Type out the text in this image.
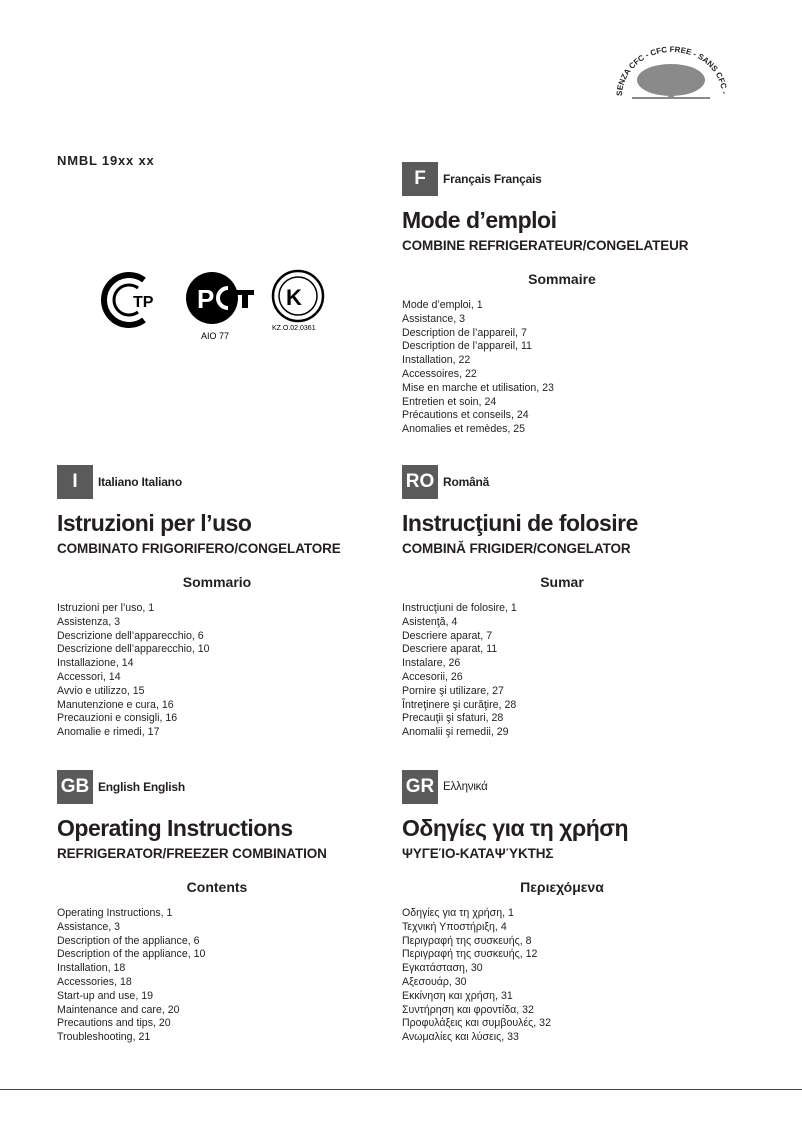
SENZA CFC - CFC FREE - SANS CFC -
NMBL 19xx xx
TP P	K
AIO 77
KZ.O.02.0361
F	Français Français
Mode d’emploi
COMBINE REFRIGERATEUR/CONGELATEUR
Sommaire
Mode d’emploi, 1
Assistance, 3
Description de l’appareil, 7
Description de l’appareil, 11
Installation, 22
Accessoires, 22
Mise en marche et utilisation, 23
Entretien et soin, 24
Précautions et conseils, 24
Anomalies et remèdes, 25
I	Italiano Italiano
Istruzioni per l’uso
COMBINATO FRIGORIFERO/CONGELATORE
Sommario
Istruzioni per l’uso, 1
Assistenza, 3
Descrizione dell’apparecchio, 6
Descrizione dell’apparecchio, 10
Installazione, 14
Accessori, 14
Avvio e utilizzo, 15
Manutenzione e cura, 16
Precauzioni e consigli, 16
Anomalie e rimedi, 17
RO Română
Instrucţiuni de folosire
COMBINĂ FRIGIDER/CONGELATOR
Sumar
Instrucţiuni de folosire, 1
Asistenţă, 4
Descriere aparat, 7
Descriere aparat, 11
Instalare, 26
Accesorii, 26
Pornire şi utilizare, 27
Întreţinere şi curăţire, 28
Precauţii şi sfaturi, 28
Anomalii şi remedii, 29
GB English English
Operating Instructions
REFRIGERATOR/FREEZER COMBINATION
Contents
Operating Instructions, 1
Assistance, 3
Description of the appliance, 6
Description of the appliance, 10
Installation, 18
Accessories, 18
Start-up and use, 19
Maintenance and care, 20
Precautions and tips, 20
Troubleshooting, 21
GR Ελληνικά
Οδηγίες για τη χρήση
ΨΥΓΕΊΟ-ΚΑΤΑΨΎΚΤΗΣ
Περιεχόμενα
Οδηγίες για τη χρήση, 1
Τεχνική Υποστήριξη, 4
Περιγραφή της συσκευής, 8
Περιγραφή της συσκευής, 12
Εγκατάσταση, 30
Αξεσουάρ, 30
Εκκίνηση και χρήση, 31
Συντήρηση και φροντίδα, 32
Προφυλάξεις και συμβουλές, 32
Ανωμαλίες και λύσεις, 33
